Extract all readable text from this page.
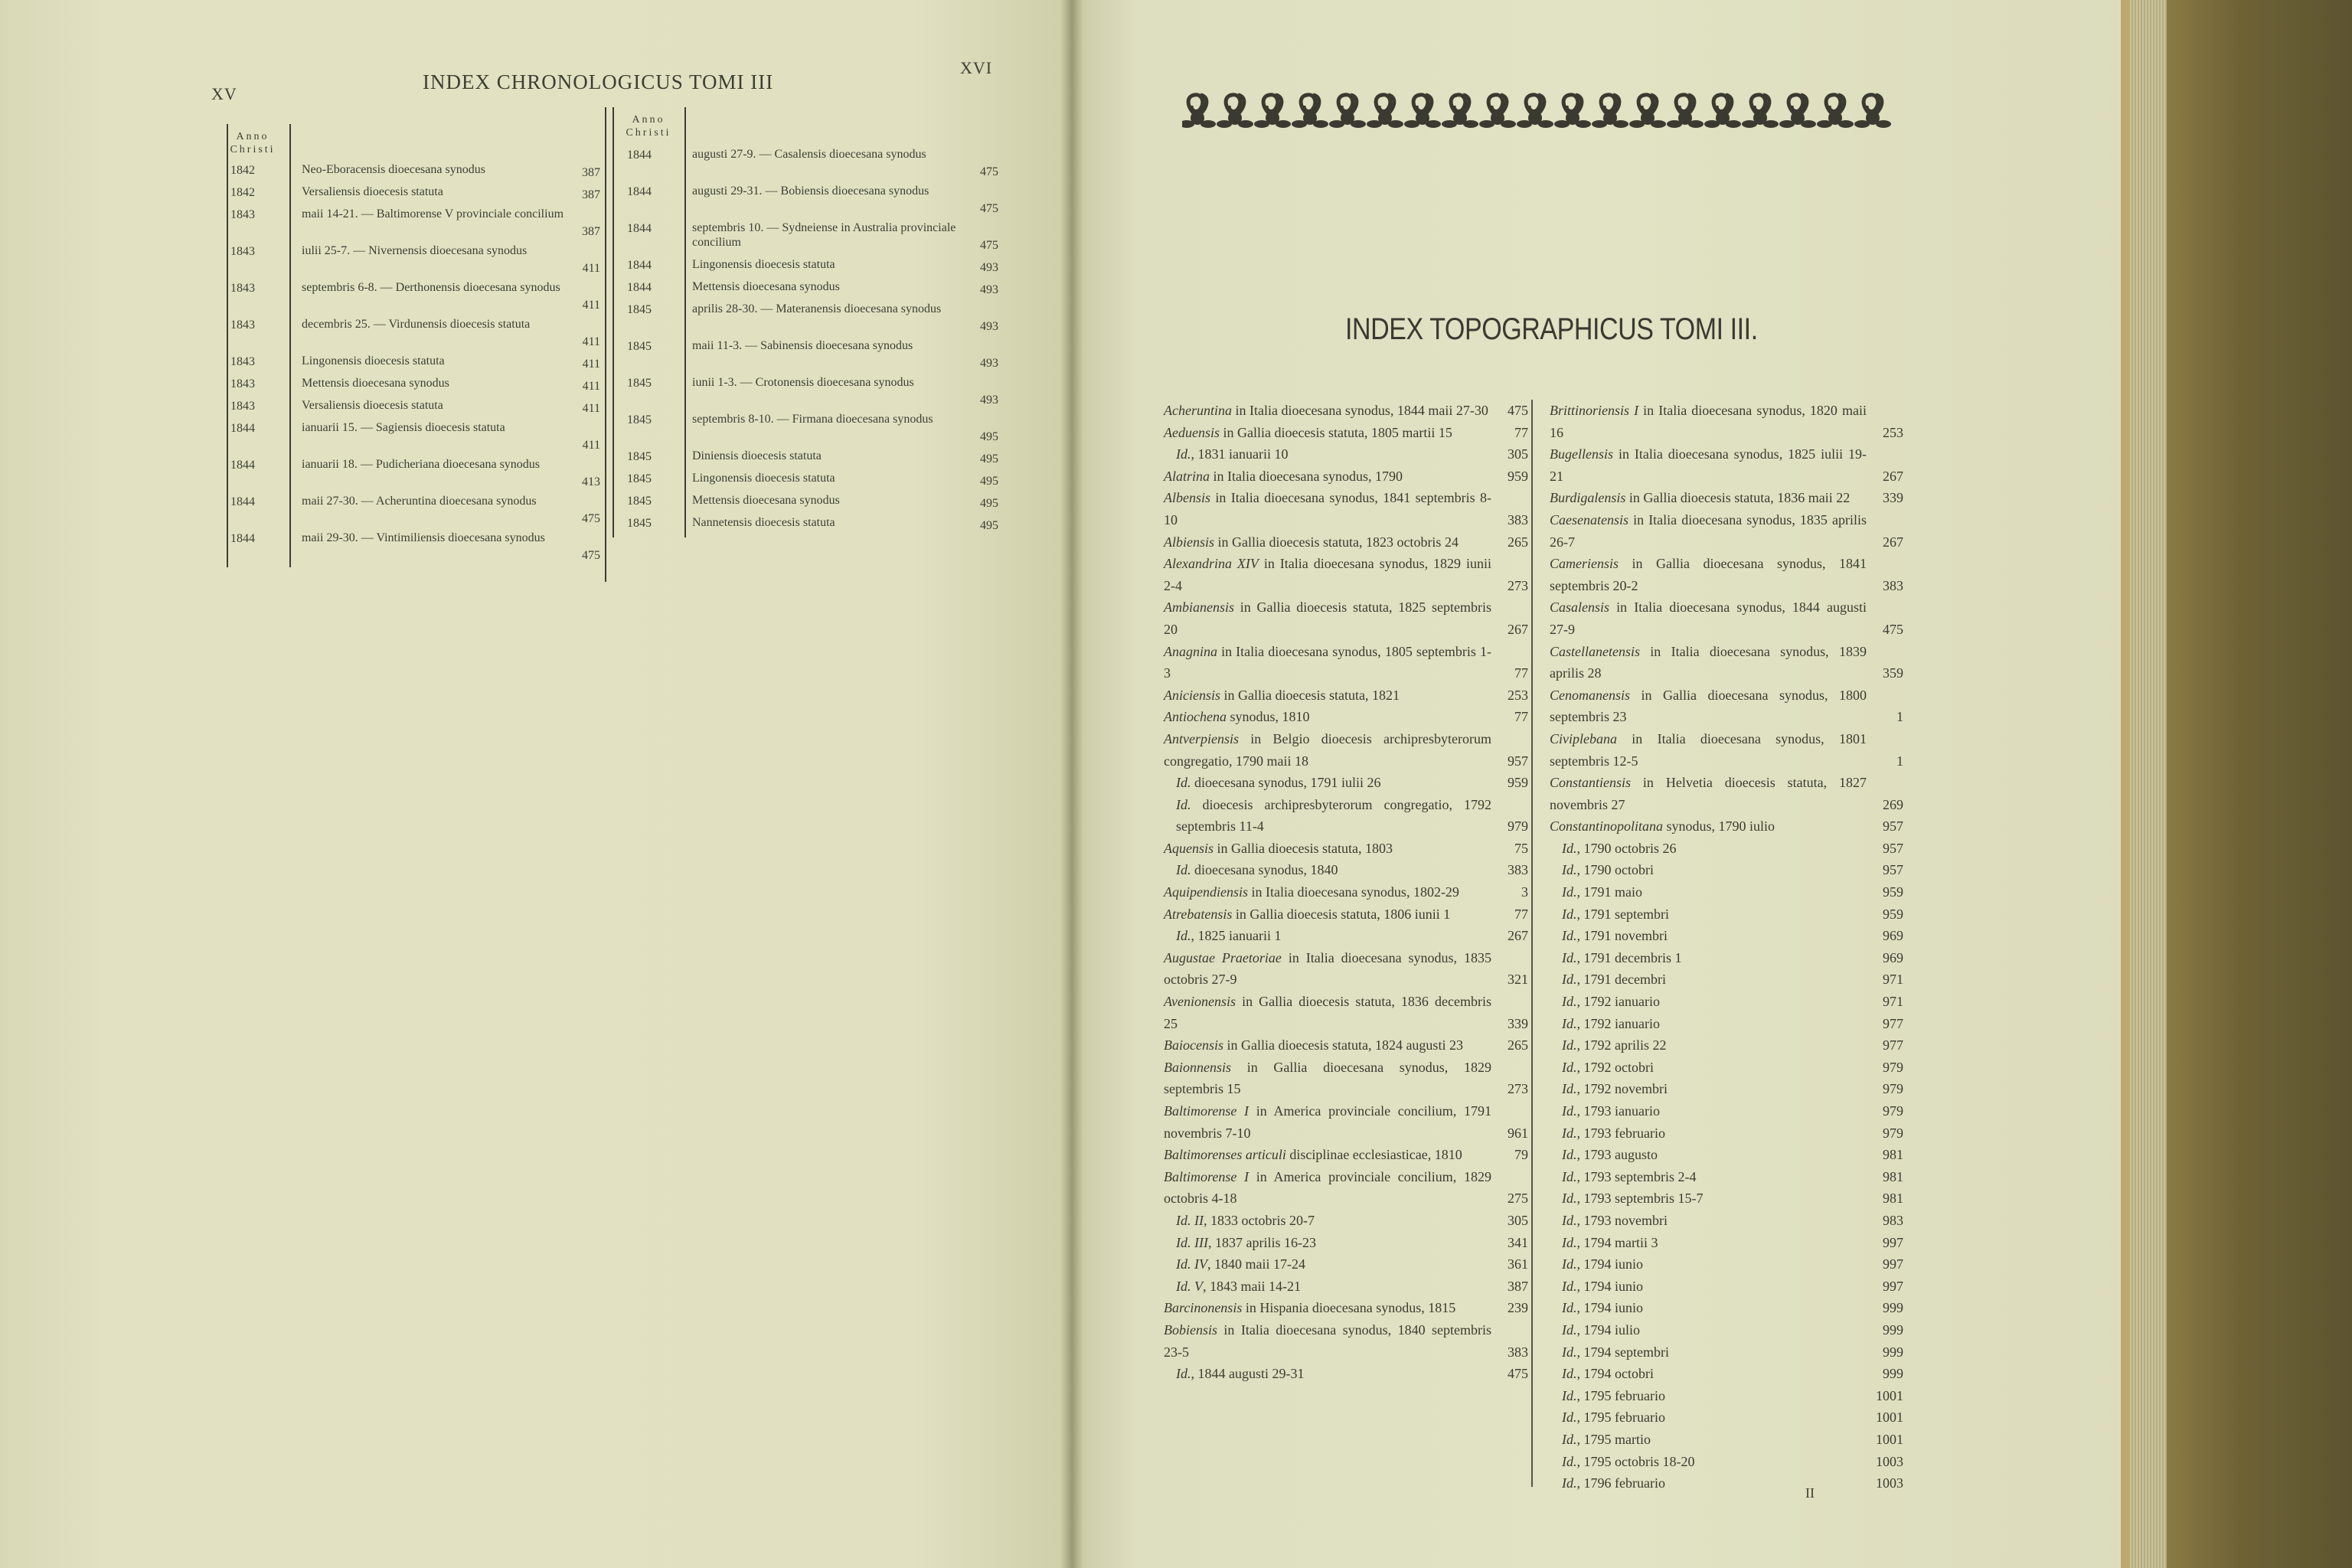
XV
INDEX CHRONOLOGICUS TOMI III
XVI
Anno
Christi
1842	Neo-Eboracensis dioecesana synodus	387
1842	Versaliensis dioecesis statuta	387
1843	maii 14-21. — Baltimorense V provinciale concilium
387
1843	iulii 25-7. — Nivernensis dioecesana synodus
411
1843	septembris 6-8. — Derthonensis dioecesana synodus
411
1843	decembris 25. — Virdunensis dioecesis statuta
411
1843	Lingonensis dioecesis statuta	411
1843	Mettensis dioecesana synodus	411
1843	Versaliensis dioecesis statuta	411
1844	ianuarii 15. — Sagiensis dioecesis statuta
411
1844	ianuarii 18. — Pudicheriana dioecesana synodus
413
1844	maii 27-30. — Acheruntina dioecesana synodus
475
1844	maii 29-30. — Vintimiliensis dioecesana synodus
475
Anno
Christi
1844	augusti 27-9. — Casalensis dioecesana synodus
475
1844	augusti 29-31. — Bobiensis dioecesana synodus
475
1844	septembris 10. — Sydneiense in Australia provinciale concilium	475
1844	Lingonensis dioecesis statuta	493
1844	Mettensis dioecesana synodus	493
1845	aprilis 28-30. — Materanensis dioecesana synodus
493
1845	maii 11-3. — Sabinensis dioecesana synodus
493
1845	iunii 1-3. — Crotonensis dioecesana synodus
493
1845	septembris 8-10. — Firmana dioecesana synodus
495
1845	Diniensis dioecesis statuta	495
1845	Lingonensis dioecesis statuta	495
1845	Mettensis dioecesana synodus	495
1845	Nannetensis dioecesis statuta	495
INDEX TOPOGRAPHICUS TOMI III.
Acheruntina in Italia dioecesana synodus, 1844 maii 27-30	475
Aeduensis in Gallia dioecesis statuta, 1805 martii 15	77
Id., 1831 ianuarii 10	305
Alatrina in Italia dioecesana synodus, 1790	959
Albensis in Italia dioecesana synodus, 1841 septembris 8-10	383
Albiensis in Gallia dioecesis statuta, 1823 octobris 24	265
Alexandrina XIV in Italia dioecesana synodus, 1829 iunii 2-4	273
Ambianensis in Gallia dioecesis statuta, 1825 septembris 20	267
Anagnina in Italia dioecesana synodus, 1805 septembris 1-3	77
Aniciensis in Gallia dioecesis statuta, 1821	253
Antiochena synodus, 1810	77
Antverpiensis in Belgio dioecesis archipresbyterorum congregatio, 1790 maii 18	957
Id. dioecesana synodus, 1791 iulii 26	959
Id. dioecesis archipresbyterorum congregatio, 1792 septembris 11-4	979
Aquensis in Gallia dioecesis statuta, 1803	75
Id. dioecesana synodus, 1840	383
Aquipendiensis in Italia dioecesana synodus, 1802-29	3
Atrebatensis in Gallia dioecesis statuta, 1806 iunii 1	77
Id., 1825 ianuarii 1	267
Augustae Praetoriae in Italia dioecesana synodus, 1835 octobris 27-9	321
Avenionensis in Gallia dioecesis statuta, 1836 decembris 25	339
Baiocensis in Gallia dioecesis statuta, 1824 augusti 23	265
Baionnensis in Gallia dioecesana synodus, 1829 septembris 15	273
Baltimorense I in America provinciale concilium, 1791 novembris 7-10	961
Baltimorenses articuli disciplinae ecclesiasticae, 1810	79
Baltimorense I in America provinciale concilium, 1829 octobris 4-18	275
Id. II, 1833 octobris 20-7	305
Id. III, 1837 aprilis 16-23	341
Id. IV, 1840 maii 17-24	361
Id. V, 1843 maii 14-21	387
Barcinonensis in Hispania dioecesana synodus, 1815	239
Bobiensis in Italia dioecesana synodus, 1840 septembris 23-5	383
Id., 1844 augusti 29-31	475
Brittinoriensis I in Italia dioecesana synodus, 1820 maii 16	253
Bugellensis in Italia dioecesana synodus, 1825 iulii 19-21	267
Burdigalensis in Gallia dioecesis statuta, 1836 maii 22	339
Caesenatensis in Italia dioecesana synodus, 1835 aprilis 26-7	267
Cameriensis in Gallia dioecesana synodus, 1841 septembris 20-2	383
Casalensis in Italia dioecesana synodus, 1844 augusti 27-9	475
Castellanetensis in Italia dioecesana synodus, 1839 aprilis 28	359
Cenomanensis in Gallia dioecesana synodus, 1800 septembris 23	1
Civiplebana in Italia dioecesana synodus, 1801 septembris 12-5	1
Constantiensis in Helvetia dioecesis statuta, 1827 novembris 27	269
Constantinopolitana synodus, 1790 iulio	957
Id., 1790 octobris 26	957
Id., 1790 octobri	957
Id., 1791 maio	959
Id., 1791 septembri	959
Id., 1791 novembri	969
Id., 1791 decembris 1	969
Id., 1791 decembri	971
Id., 1792 ianuario	971
Id., 1792 ianuario	977
Id., 1792 aprilis 22	977
Id., 1792 octobri	979
Id., 1792 novembri	979
Id., 1793 ianuario	979
Id., 1793 februario	979
Id., 1793 augusto	981
Id., 1793 septembris 2-4	981
Id., 1793 septembris 15-7	981
Id., 1793 novembri	983
Id., 1794 martii 3	997
Id., 1794 iunio	997
Id., 1794 iunio	997
Id., 1794 iunio	999
Id., 1794 iulio	999
Id., 1794 septembri	999
Id., 1794 octobri	999
Id., 1795 februario	1001
Id., 1795 februario	1001
Id., 1795 martio	1001
Id., 1795 octobris 18-20	1003
Id., 1796 februario	1003
II
